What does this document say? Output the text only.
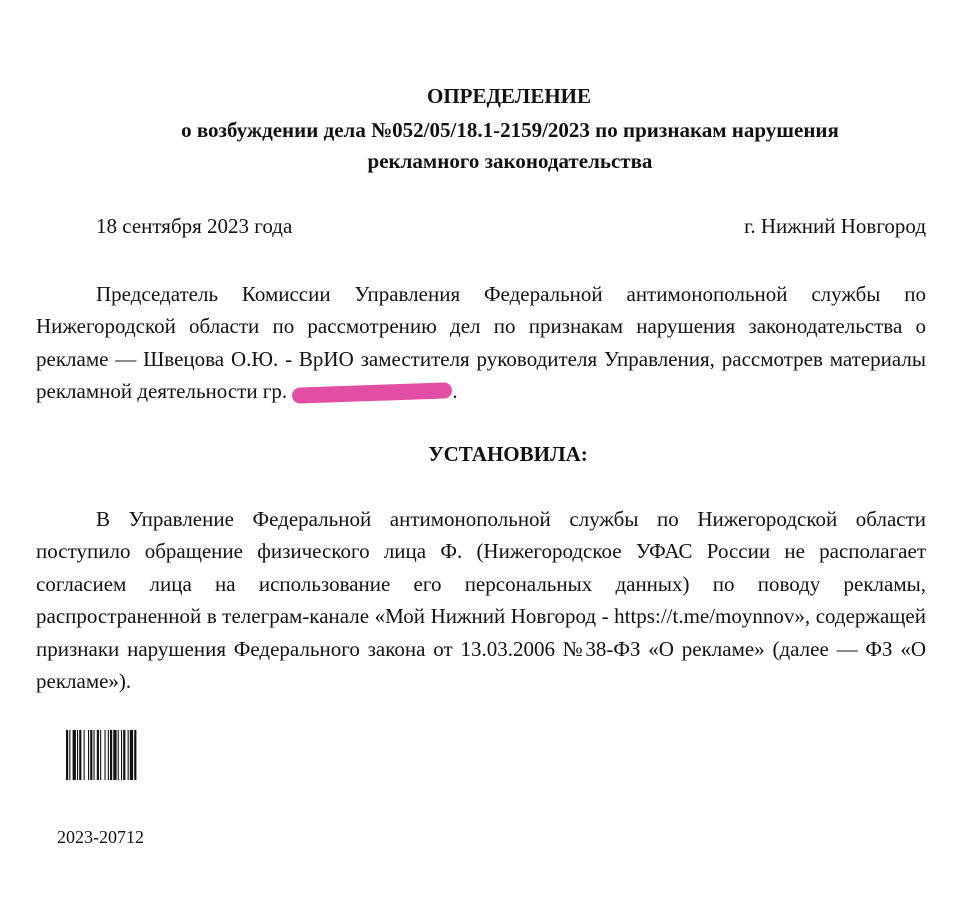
ОПРЕДЕЛЕНИЕ
о возбуждении дела №052/05/18.1-2159/2023 по признакам нарушения
рекламного законодательства
18 сентября 2023 года	г. Нижний Новгород

Председатель Комиссии Управления Федеральной антимонопольной службы по Нижегородской области по рассмотрению дел по признакам нарушения законодательства о рекламе — Швецова О.Ю. - ВрИО заместителя руководителя Управления, рассмотрев материалы рекламной деятельности гр.	.

УСТАНОВИЛА:

В Управление Федеральной антимонопольной службы по Нижегородской области поступило обращение физического лица Ф. (Нижегородское УФАС России не располагает согласием лица на использование его персональных данных) по поводу рекламы, распространенной в телеграм-канале «Мой Нижний Новгород - https://t.me/moynnov», содержащей признаки нарушения Федерального закона от 13.03.2006 №38-ФЗ «О рекламе» (далее — ФЗ «О рекламе»).

2023-20712
